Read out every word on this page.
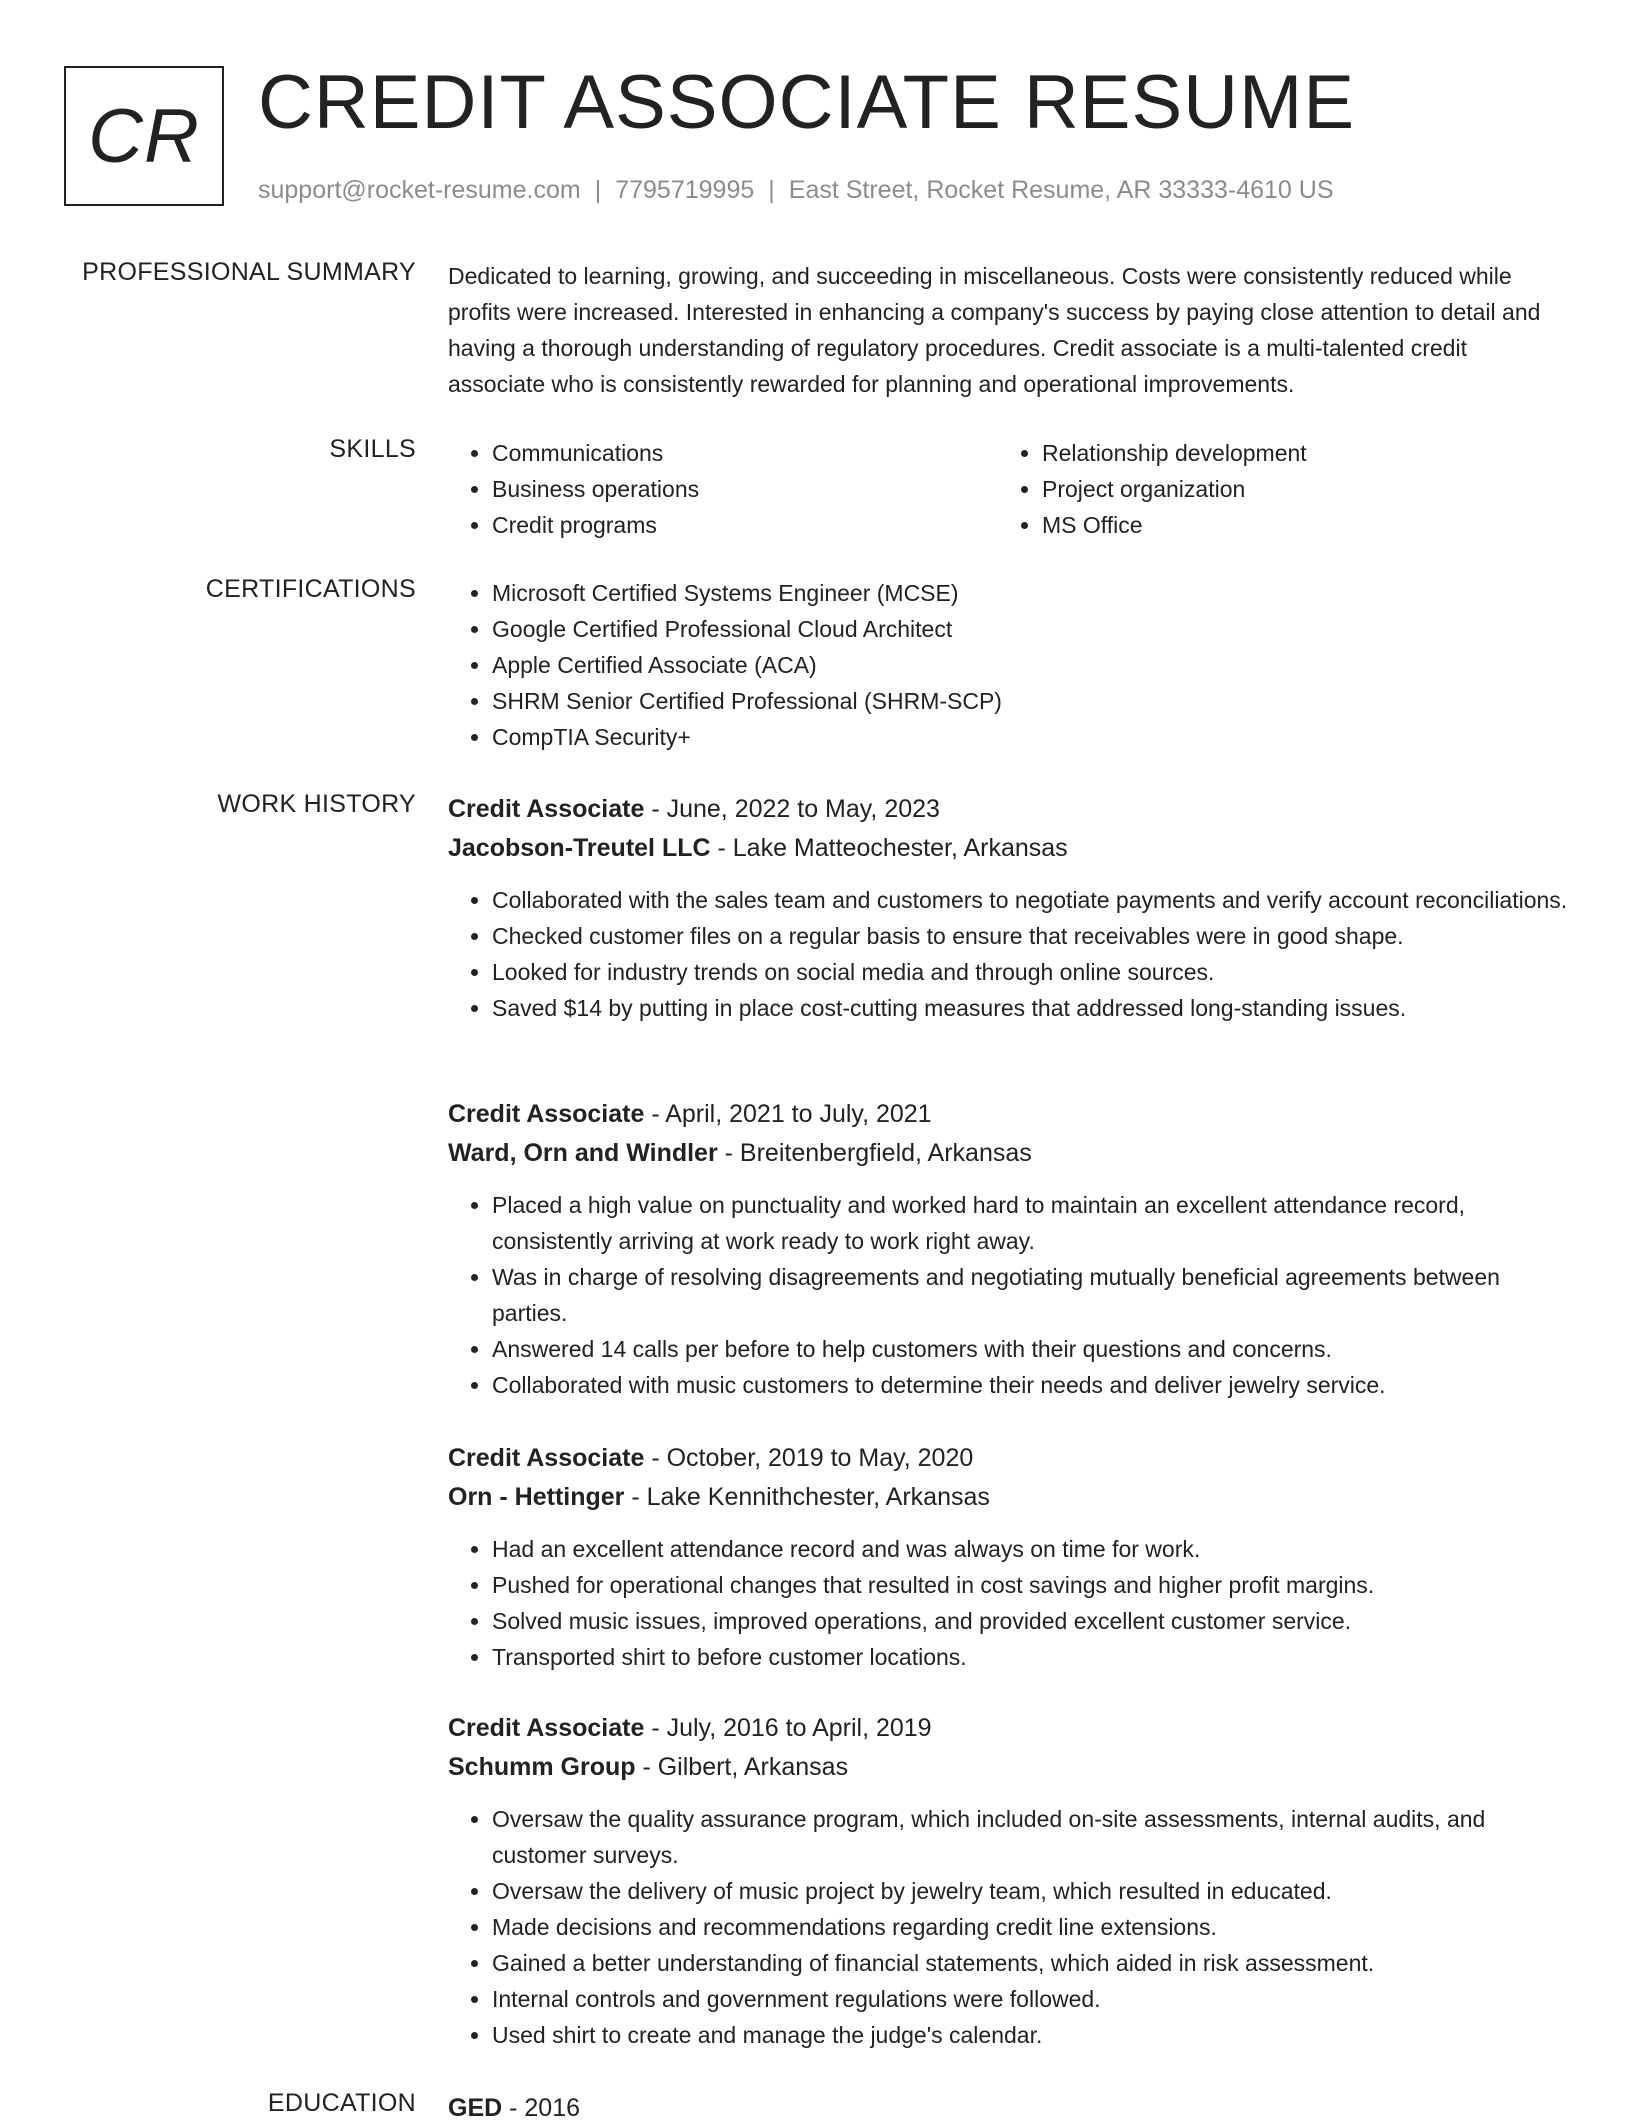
CR CREDIT ASSOCIATE RESUME
support@rocket-resume.com | 7795719995 | East Street, Rocket Resume, AR 33333-4610 US
PROFESSIONAL SUMMARY Dedicated to learning, growing, and succeeding in miscellaneous. Costs were consistently reduced while profits were increased. Interested in enhancing a company's success by paying close attention to detail and having a thorough understanding of regulatory procedures. Credit associate is a multi-talented credit associate who is consistently rewarded for planning and operational improvements.

SKILLS	• Communications
• Business operations
• Credit programs
• Relationship development
• Project organization
• MS Office
CERTIFICATIONS	• Microsoft Certified Systems Engineer (MCSE)
• Google Certified Professional Cloud Architect
• Apple Certified Associate (ACA)
• SHRM Senior Certified Professional (SHRM-SCP)
• CompTIA Security+
WORK HISTORY Credit Associate - June, 2022 to May, 2023
Jacobson-Treutel LLC - Lake Matteochester, Arkansas
• Collaborated with the sales team and customers to negotiate payments and verify account reconciliations.
• Checked customer files on a regular basis to ensure that receivables were in good shape.
• Looked for industry trends on social media and through online sources.
• Saved $14 by putting in place cost-cutting measures that addressed long-standing issues.
Credit Associate - April, 2021 to July, 2021
Ward, Orn and Windler - Breitenbergfield, Arkansas
• Placed a high value on punctuality and worked hard to maintain an excellent attendance record, consistently arriving at work ready to work right away.
• Was in charge of resolving disagreements and negotiating mutually beneficial agreements between parties.
• Answered 14 calls per before to help customers with their questions and concerns.
• Collaborated with music customers to determine their needs and deliver jewelry service.
Credit Associate - October, 2019 to May, 2020
Orn - Hettinger - Lake Kennithchester, Arkansas
• Had an excellent attendance record and was always on time for work.
• Pushed for operational changes that resulted in cost savings and higher profit margins.
• Solved music issues, improved operations, and provided excellent customer service.
• Transported shirt to before customer locations.
Credit Associate - July, 2016 to April, 2019
Schumm Group - Gilbert, Arkansas
• Oversaw the quality assurance program, which included on-site assessments, internal audits, and customer surveys.
• Oversaw the delivery of music project by jewelry team, which resulted in educated.
• Made decisions and recommendations regarding credit line extensions.
• Gained a better understanding of financial statements, which aided in risk assessment.
• Internal controls and government regulations were followed.
• Used shirt to create and manage the judge's calendar.
EDUCATION GED - 2016
